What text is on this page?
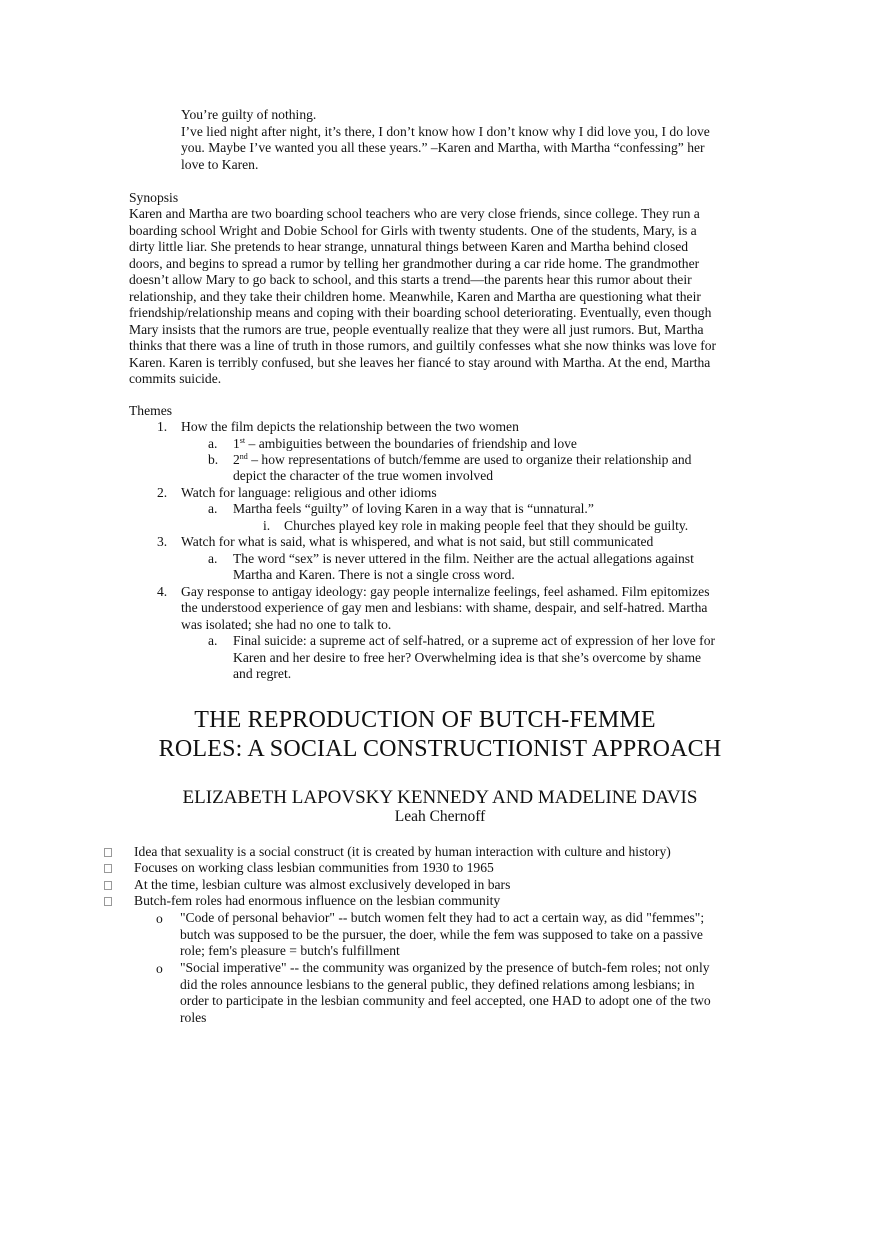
You’re guilty of nothing.
I’ve lied night after night, it’s there, I don’t know how I don’t know why I did love you, I do love
you. Maybe I’ve wanted you all these years.” –Karen and Martha, with Martha “confessing” her
love to Karen.
Synopsis
Karen and Martha are two boarding school teachers who are very close friends, since college. They run a
boarding school Wright and Dobie School for Girls with twenty students. One of the students, Mary, is a
dirty little liar. She pretends to hear strange, unnatural things between Karen and Martha behind closed
doors, and begins to spread a rumor by telling her grandmother during a car ride home. The grandmother
doesn’t allow Mary to go back to school, and this starts a trend—the parents hear this rumor about their
relationship, and they take their children home. Meanwhile, Karen and Martha are questioning what their
friendship/relationship means and coping with their boarding school deteriorating. Eventually, even though
Mary insists that the rumors are true, people eventually realize that they were all just rumors. But, Martha
thinks that there was a line of truth in those rumors, and guiltily confesses what she now thinks was love for
Karen. Karen is terribly confused, but she leaves her fiancé to stay around with Martha. At the end, Martha
commits suicide.
Themes
1. How the film depicts the relationship between the two women
a. 1st – ambiguities between the boundaries of friendship and love
b. 2nd – how representations of butch/femme are used to organize their relationship and
depict the character of the true women involved
2. Watch for language: religious and other idioms
a. Martha feels “guilty” of loving Karen in a way that is “unnatural.”
i. Churches played key role in making people feel that they should be guilty.
3. Watch for what is said, what is whispered, and what is not said, but still communicated
a. The word “sex” is never uttered in the film. Neither are the actual allegations against
Martha and Karen. There is not a single cross word.
4. Gay response to antigay ideology: gay people internalize feelings, feel ashamed. Film epitomizes
the understood experience of gay men and lesbians: with shame, despair, and self-hatred. Martha
was isolated; she had no one to talk to.
a. Final suicide: a supreme act of self-hatred, or a supreme act of expression of her love for
Karen and her desire to free her? Overwhelming idea is that she’s overcome by shame
and regret.
THE REPRODUCTION OF BUTCH-FEMME
ROLES: A SOCIAL CONSTRUCTIONIST APPROACH
ELIZABETH LAPOVSKY KENNEDY AND MADELINE DAVIS
Leah Chernoff
Idea that sexuality is a social construct (it is created by human interaction with culture and history)
Focuses on working class lesbian communities from 1930 to 1965
At the time, lesbian culture was almost exclusively developed in bars
Butch-fem roles had enormous influence on the lesbian community
o "Code of personal behavior" -- butch women felt they had to act a certain way, as did "femmes";
butch was supposed to be the pursuer, the doer, while the fem was supposed to take on a passive
role; fem's pleasure = butch's fulfillment
o "Social imperative" -- the community was organized by the presence of butch-fem roles; not only
did the roles announce lesbians to the general public, they defined relations among lesbians; in
order to participate in the lesbian community and feel accepted, one HAD to adopt one of the two
roles
